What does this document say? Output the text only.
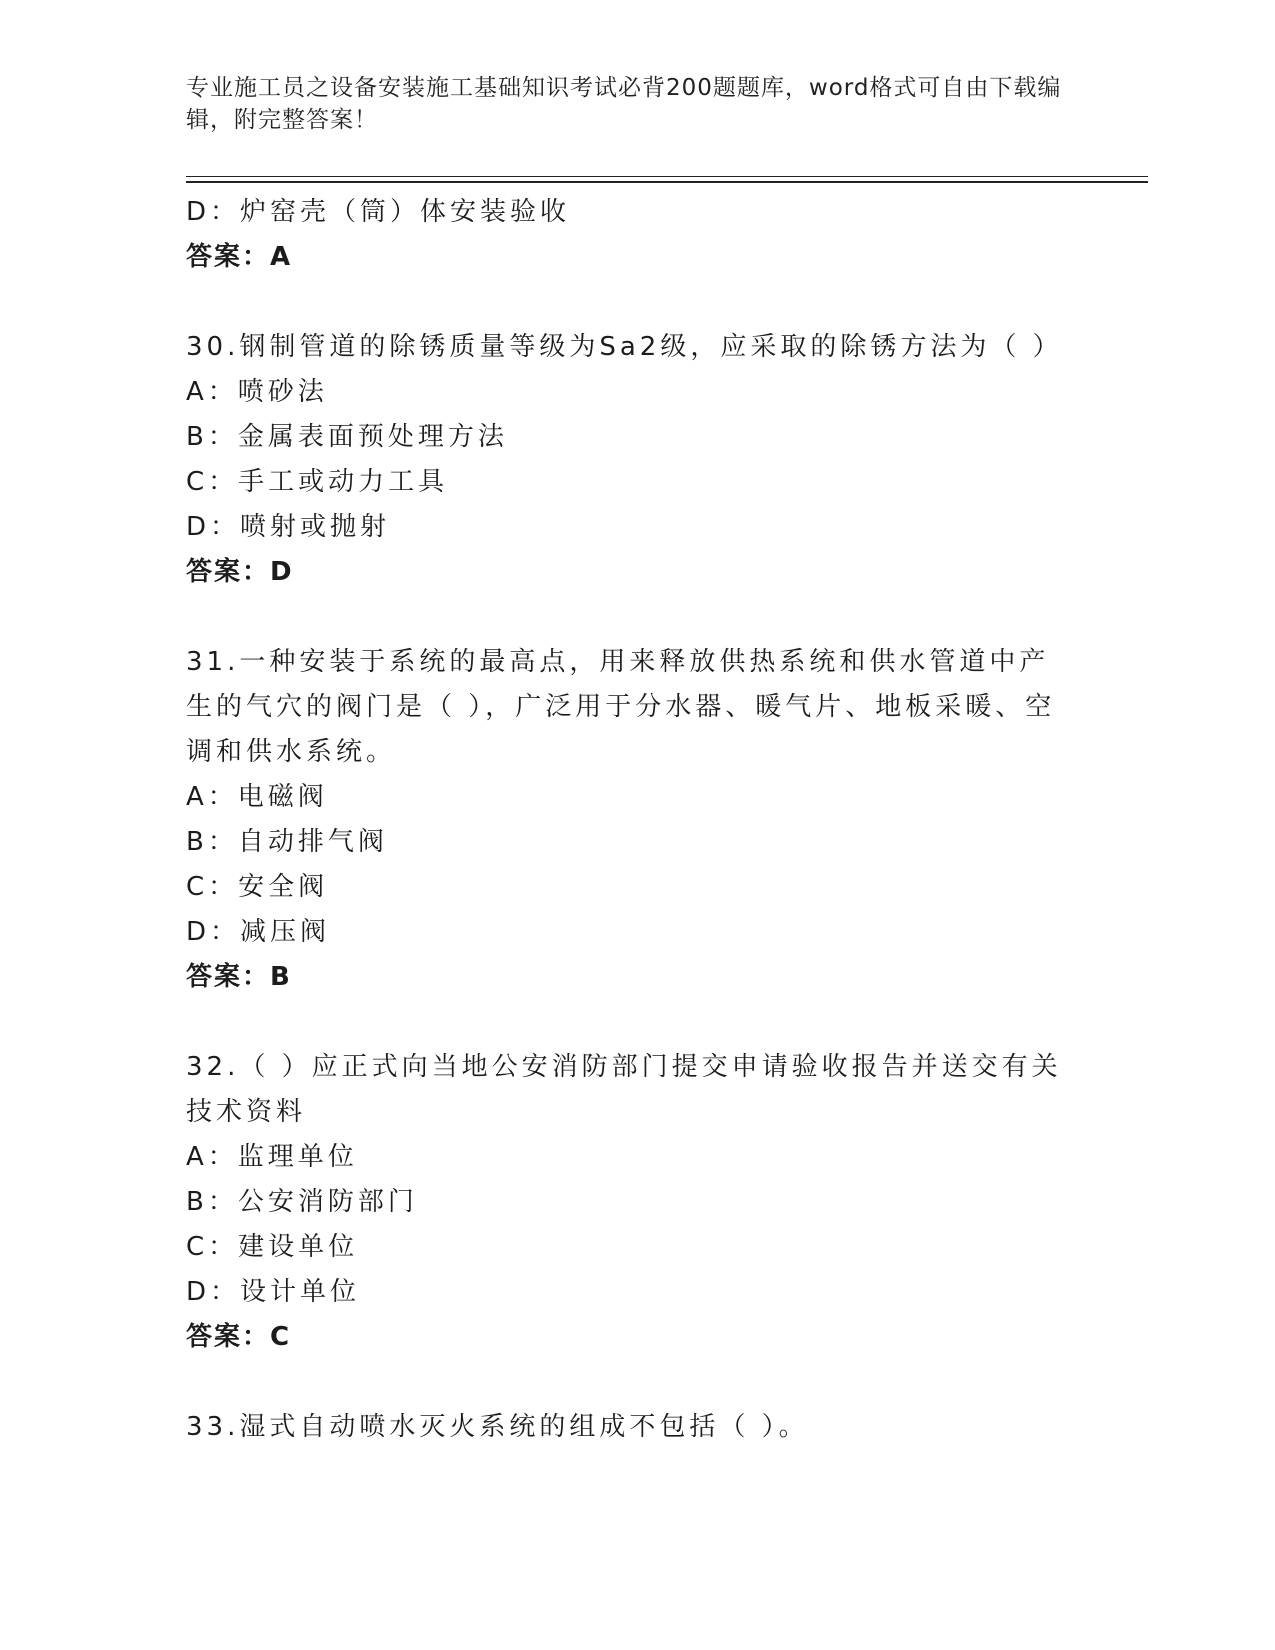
专业施工员之设备安装施工基础知识考试必背200题题库，word格式可自由下载编辑，附完整答案！
D：炉窑壳（筒）体安装验收
答案：A
30.钢制管道的除锈质量等级为Sa2级，应采取的除锈方法为（ ）
A：喷砂法
B：金属表面预处理方法
C：手工或动力工具
D：喷射或抛射
答案：D
31.一种安装于系统的最高点，用来释放供热系统和供水管道中产生的气穴的阀门是（ ），广泛用于分水器、暖气片、地板采暖、空调和供水系统。
A：电磁阀
B：自动排气阀
C：安全阀
D：减压阀
答案：B
32.（ ）应正式向当地公安消防部门提交申请验收报告并送交有关技术资料
A：监理单位
B：公安消防部门
C：建设单位
D：设计单位
答案：C
33.湿式自动喷水灭火系统的组成不包括（ ）。
